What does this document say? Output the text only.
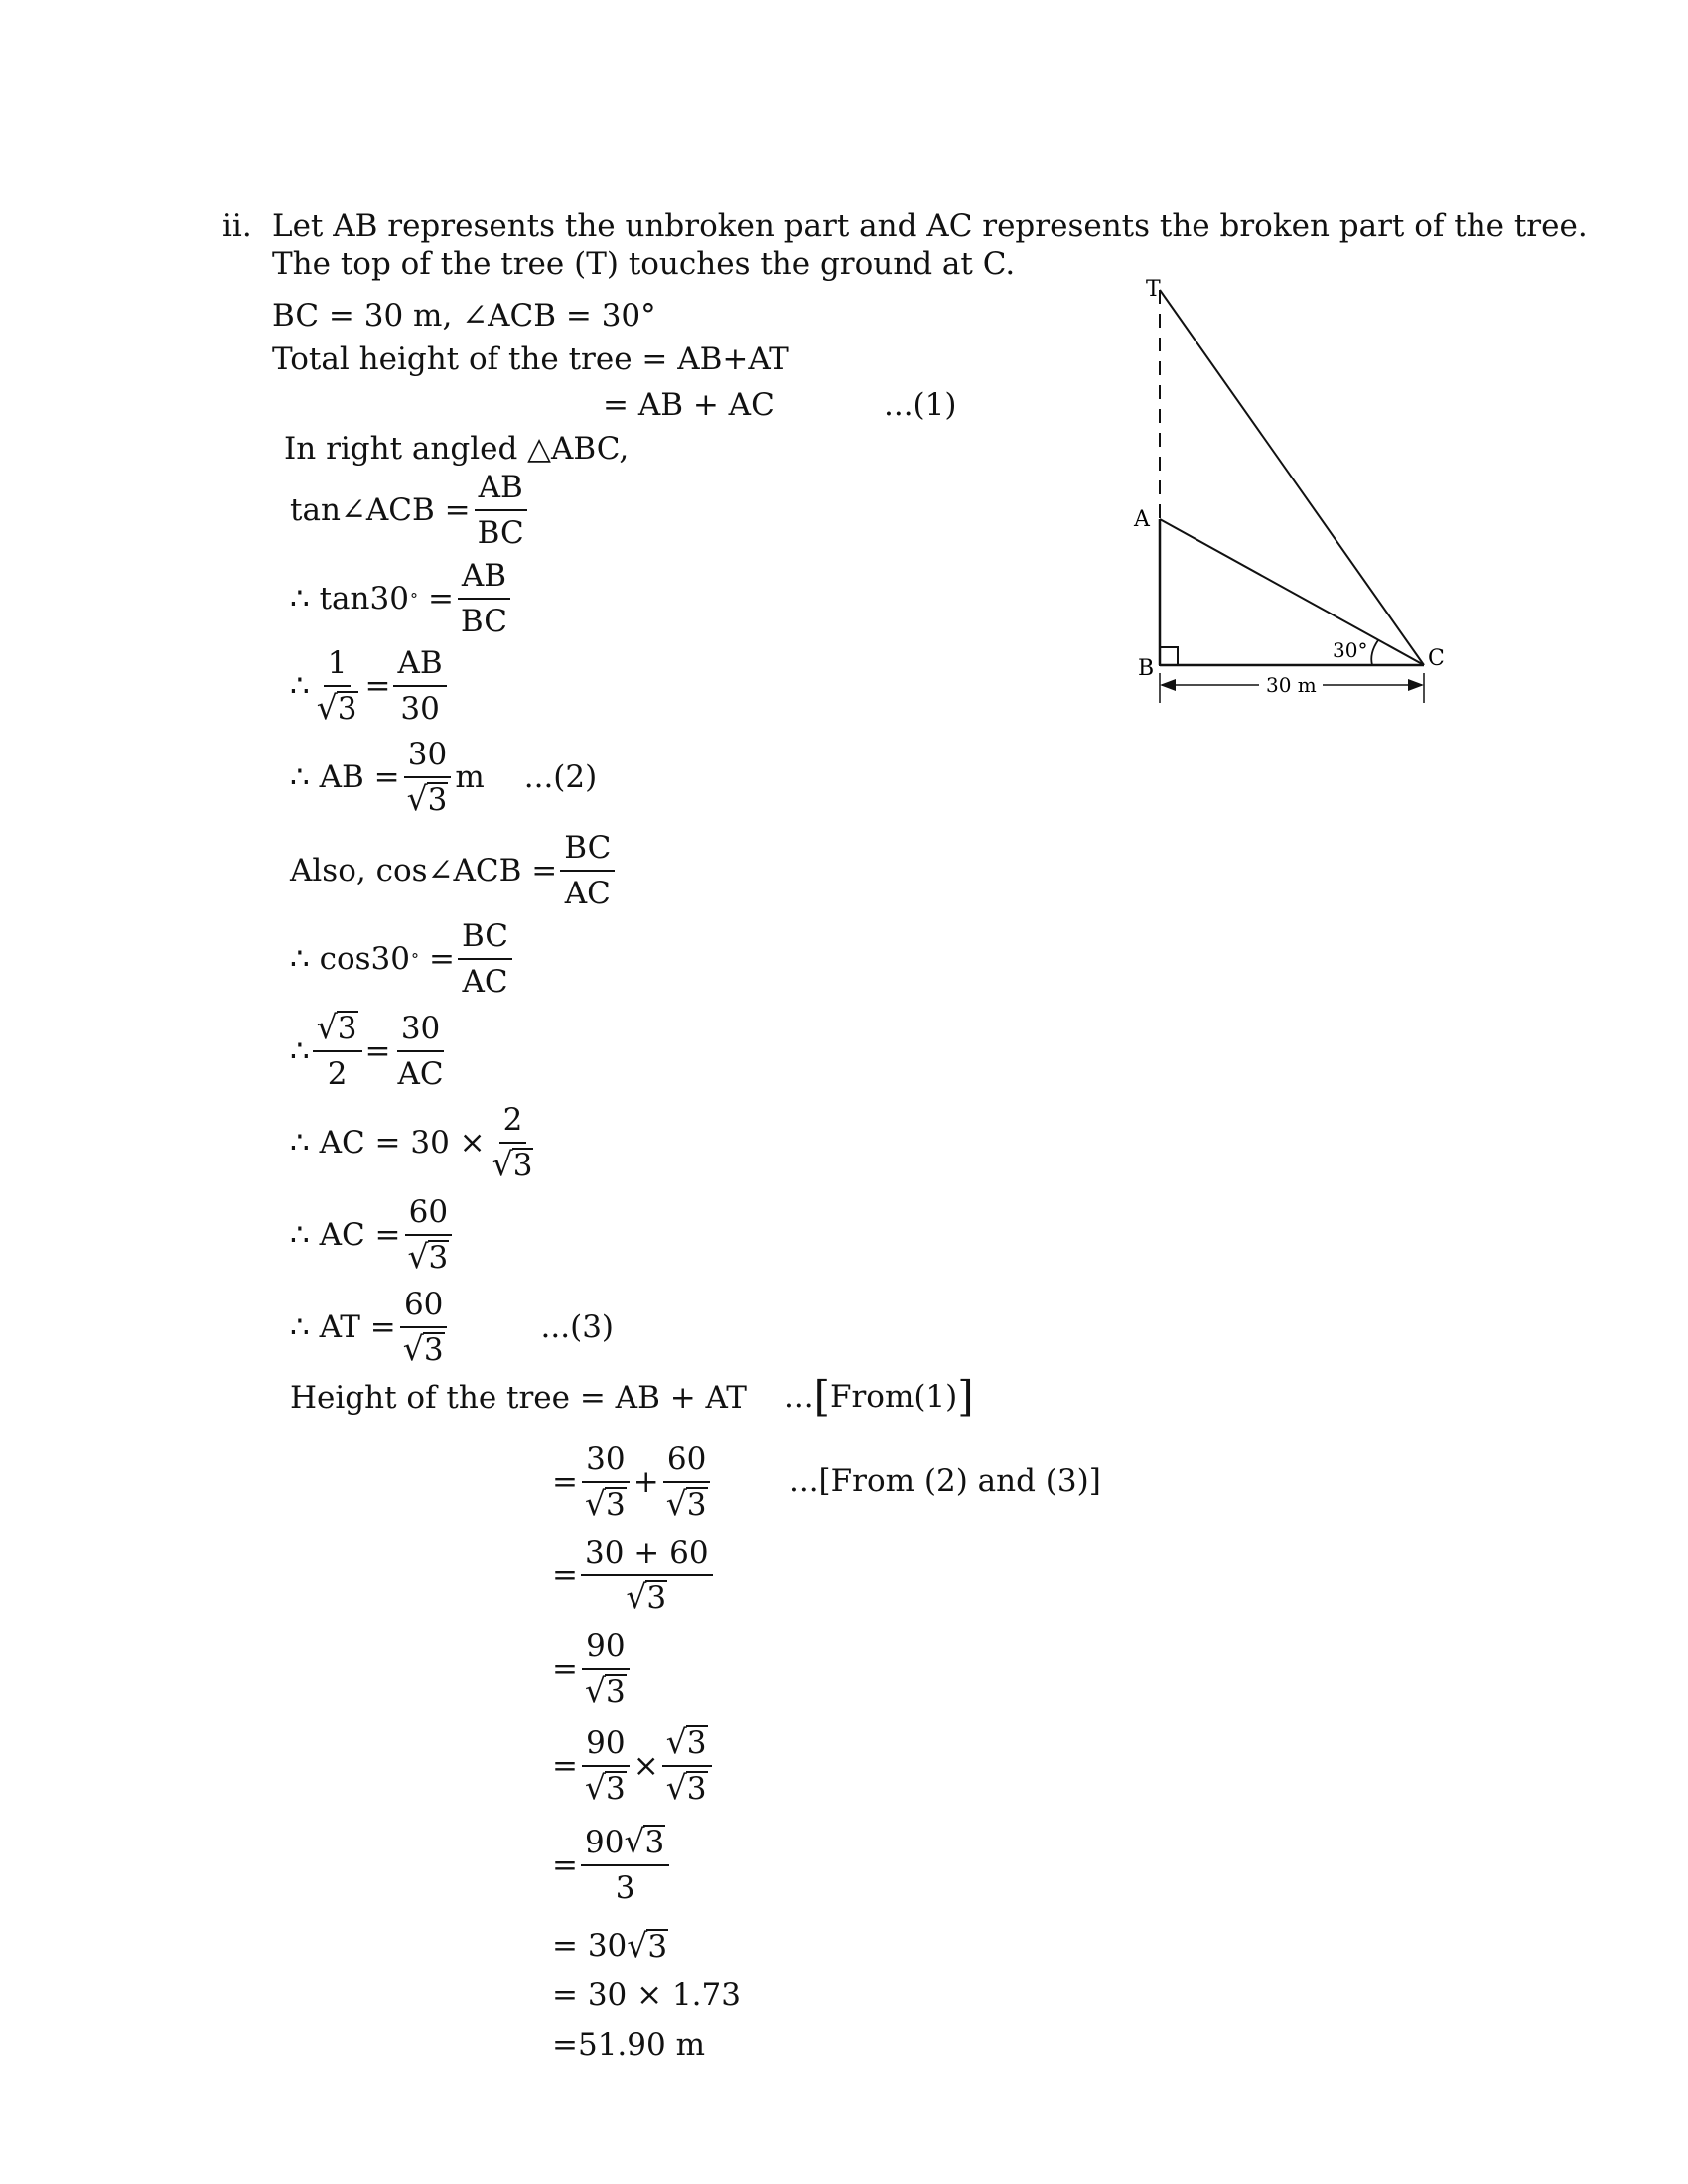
ii. Let AB represents the unbroken part and AC represents the broken part of the tree.
The top of the tree (T) touches the ground at C.
BC = 30 m, ∠ACB = 30°
Total height of the tree = AB+AT
= AB + AC	...(1)
In right angled △ABC,
T
A
B	C
30°
30 m
tan∠ACB = $\frac{AB}{BC}$
∴ tan30 ° = $\frac{AB}{BC}$
∴ $\frac{1}{√ 3} = \frac{AB}{30}$
∴ AB = $\frac{30}{√ 3}$ m ...(2)
Also, cos∠ACB = $\frac{BC}{AC}$
∴ cos30 ° = $\frac{BC}{AC}$
∴ $\frac{√ 3}{2} = \frac{30}{AC}$
∴ AC = $30 \times \frac{2}{√ 3}$
∴ AC = $\frac{60}{√ 3}$
∴ AT = $\frac{60}{√ 3}$	...(3)
Height of the tree = AB + AT ... [ From(1) ]
= $\frac{30}{√ 3} + \frac{60}{√ 3}$	...[From (2) and (3)]
= $\frac{30 + 60}{√ 3}$
= $\frac{90}{√ 3}$
= $\frac{90}{√ 3} \times \frac{√ 3}{√ 3}$
= $\frac{90 √ 3}{3}$
= 30 √ 3
= 30 × 1.73
=51.90 m
